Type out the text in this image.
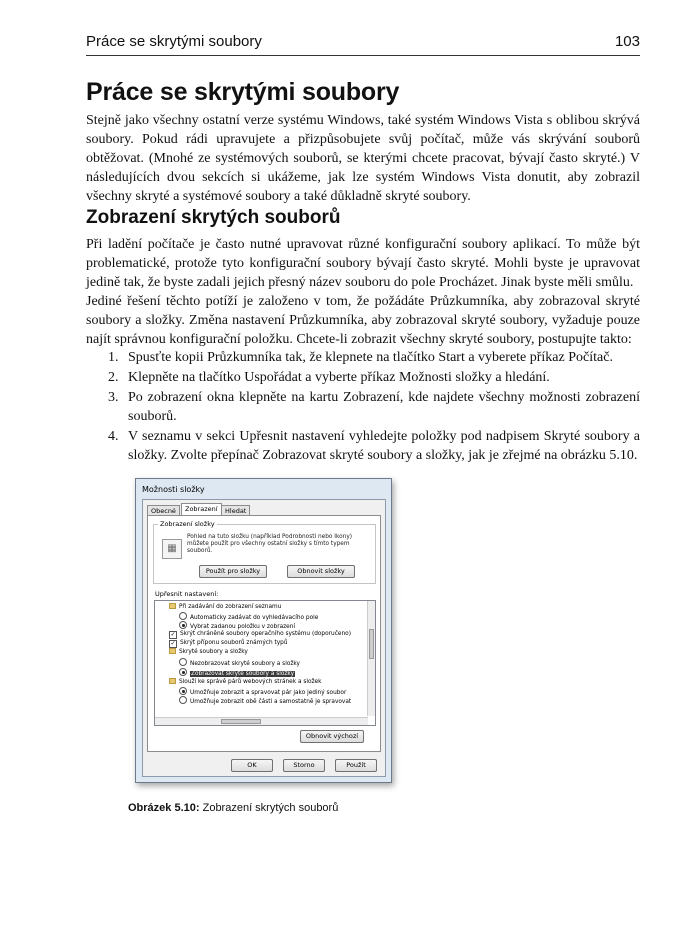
Práce se skrytými soubory	103
Práce se skrytými soubory

Stejně jako všechny ostatní verze systému Windows, také systém Windows Vista s oblibou skrývá soubory. Pokud rádi upravujete a přizpůsobujete svůj počítač, může vás skrývání souborů obtěžovat. (Mnohé ze systémových souborů, se kterými chcete pracovat, bývají často skryté.) V následujících dvou sekcích si ukážeme, jak lze systém Windows Vista donutit, aby zobrazil všechny skryté a systémové soubory a také důkladně skryté soubory.

Zobrazení skrytých souborů

Při ladění počítače je často nutné upravovat různé konfigurační soubory aplikací. To může být problematické, protože tyto konfigurační soubory bývají často skryté. Mohli byste je upravovat jedině tak, že byste zadali jejich přesný název souboru do pole Procházet. Jinak byste měli smůlu.

Jediné řešení těchto potíží je založeno v tom, že požádáte Průzkumníka, aby zobrazoval skryté soubory a složky. Změna nastavení Průzkumníka, aby zobrazoval skryté soubory, vyžaduje pouze najít správnou konfigurační položku. Chcete-li zobrazit všechny skryté soubory, postupujte takto:

1. Spusťte kopii Průzkumníka tak, že klepnete na tlačítko Start a vyberete příkaz Počítač.
2. Klepněte na tlačítko Uspořádat a vyberte příkaz Možnosti složky a hledání.
3. Po zobrazení okna klepněte na kartu Zobrazení, kde najdete všechny možnosti zobrazení souborů.
4. V seznamu v sekci Upřesnit nastavení vyhledejte položky pod nadpisem Skryté soubory a složky. Zvolte přepínač Zobrazovat skryté soubory a složky, jak je zřejmé na obrázku 5.10.
Možnosti složky
Obecné	Zobrazení	Hledat
Zobrazení složky
▦
Pohled na tuto složku (například Podrobnosti nebo Ikony) můžete použít pro všechny ostatní složky s tímto typem souborů.
Použít pro složky	Obnovit složky
Upřesnit nastavení:
Při zadávání do zobrazení seznamu
Automaticky zadávat do vyhledávacího pole
Vybrat zadanou položku v zobrazení
✓ Skrýt chráněné soubory operačního systému (doporučeno)
✓ Skrýt příponu souborů známých typů
Skryté soubory a složky
Nezobrazovat skryté soubory a složky
Zobrazovat skryté soubory a složky
Slouží ke správě párů webových stránek a složek
Umožňuje zobrazit a spravovat pár jako jediný soubor
Umožňuje zobrazit obě části a samostatně je spravovat
Obnovit výchozí
OK	Storno	Použít
Obrázek 5.10: Zobrazení skrytých souborů
